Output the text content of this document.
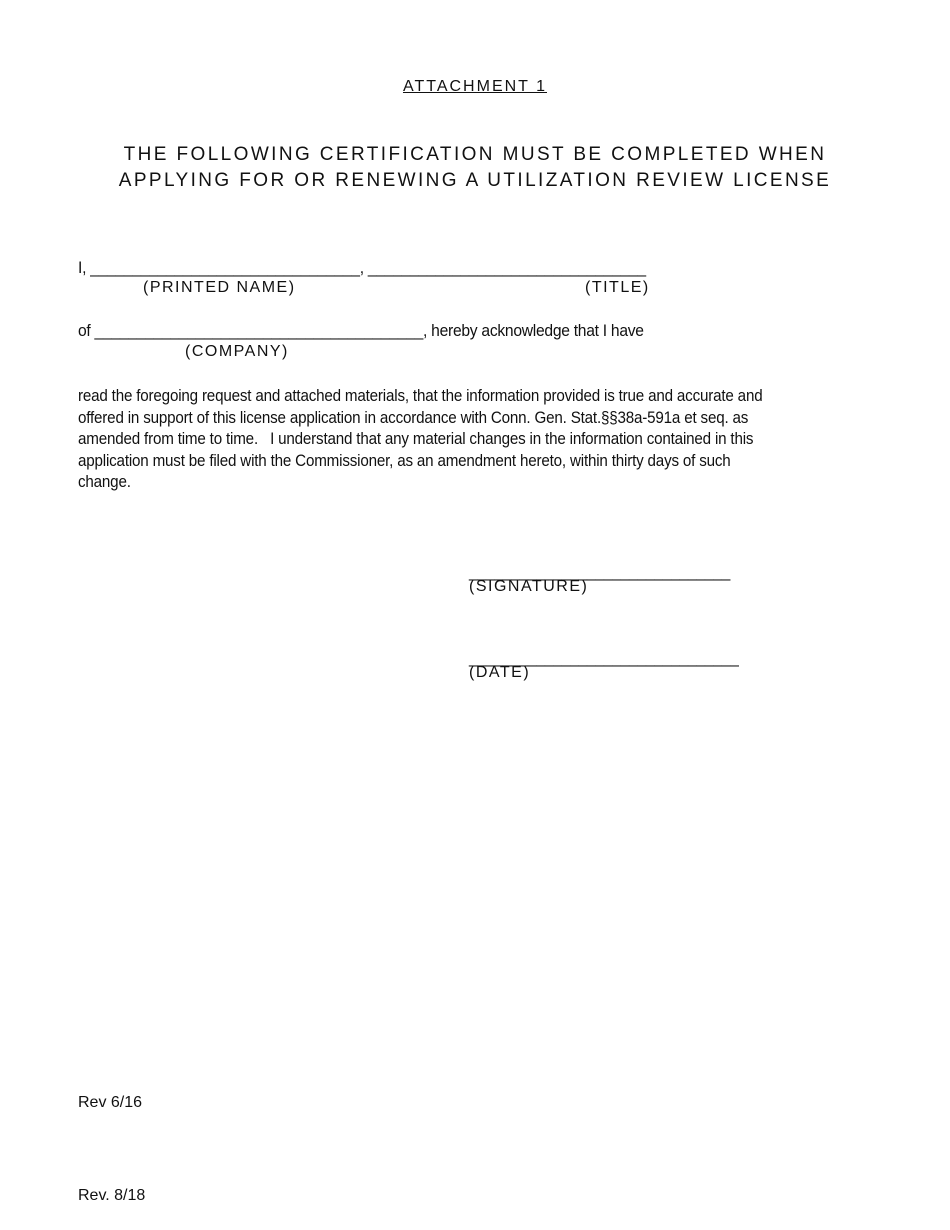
ATTACHMENT 1
THE FOLLOWING CERTIFICATION MUST BE COMPLETED WHEN
APPLYING FOR OR RENEWING A UTILIZATION REVIEW LICENSE
I, ________________________________, _________________________________
(PRINTED NAME)	(TITLE)
of _______________________________________, hereby acknowledge that I have
(COMPANY)
read the foregoing request and attached materials, that the information provided is true and accurate and
offered in support of this license application in accordance with Conn. Gen. Stat.§§38a-591a et seq. as
amended from time to time.   I understand that any material changes in the information contained in this
application must be filed with the Commissioner, as an amendment hereto, within thirty days of such
change.
_______________________________
(SIGNATURE)
________________________________
(DATE)
Rev 6/16
Rev. 8/18
